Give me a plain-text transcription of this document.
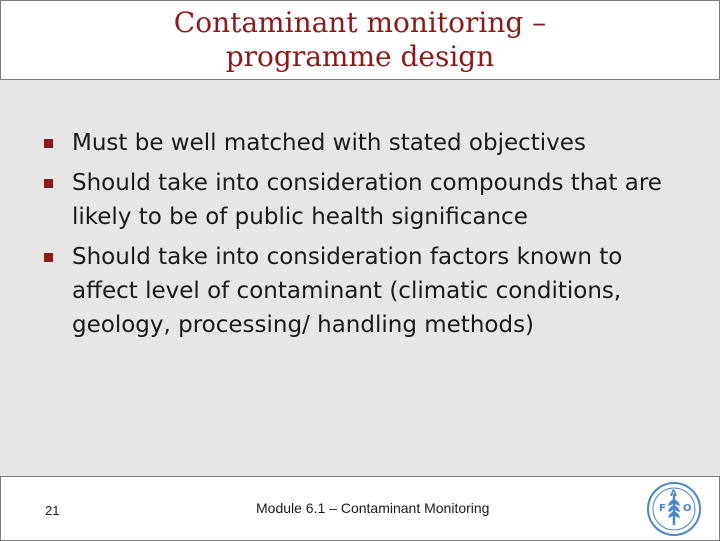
Contaminant monitoring –
programme design
Must be well matched with stated objectives
Should take into consideration compounds that are likely to be of public health significance
Should take into consideration factors known to affect level of contaminant (climatic conditions, geology, processing/ handling methods)
21	Module 6.1 – Contaminant Monitoring	F
A
O
